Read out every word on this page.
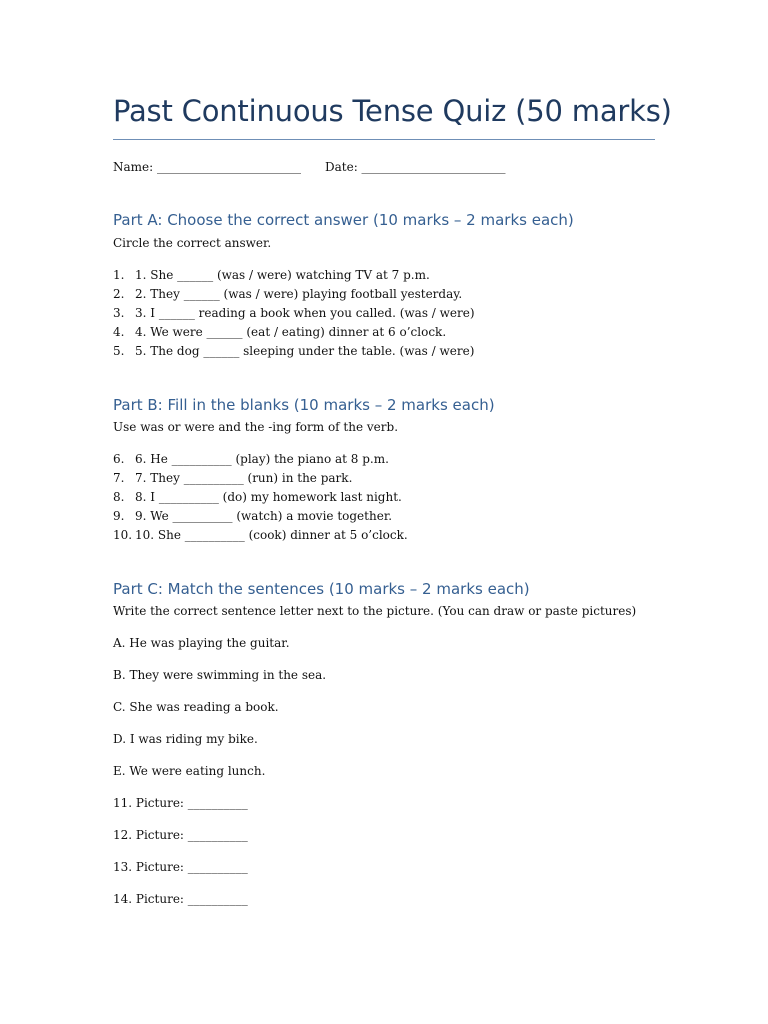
Past Continuous Tense Quiz (50 marks)
Name: ________________________ Date: ________________________
Part A: Choose the correct answer (10 marks – 2 marks each)
Circle the correct answer.
1. 1. She ______ (was / were) watching TV at 7 p.m.
2. 2. They ______ (was / were) playing football yesterday.
3. 3. I ______ reading a book when you called. (was / were)
4. 4. We were ______ (eat / eating) dinner at 6 o’clock.
5. 5. The dog ______ sleeping under the table. (was / were)
Part B: Fill in the blanks (10 marks – 2 marks each)
Use was or were and the -ing form of the verb.
6. 6. He __________ (play) the piano at 8 p.m.
7. 7. They __________ (run) in the park.
8. 8. I __________ (do) my homework last night.
9. 9. We __________ (watch) a movie together.
10. 10. She __________ (cook) dinner at 5 o’clock.
Part C: Match the sentences (10 marks – 2 marks each)
Write the correct sentence letter next to the picture. (You can draw or paste pictures)
A. He was playing the guitar.
B. They were swimming in the sea.
C. She was reading a book.
D. I was riding my bike.
E. We were eating lunch.
11. Picture: __________
12. Picture: __________
13. Picture: __________
14. Picture: __________
